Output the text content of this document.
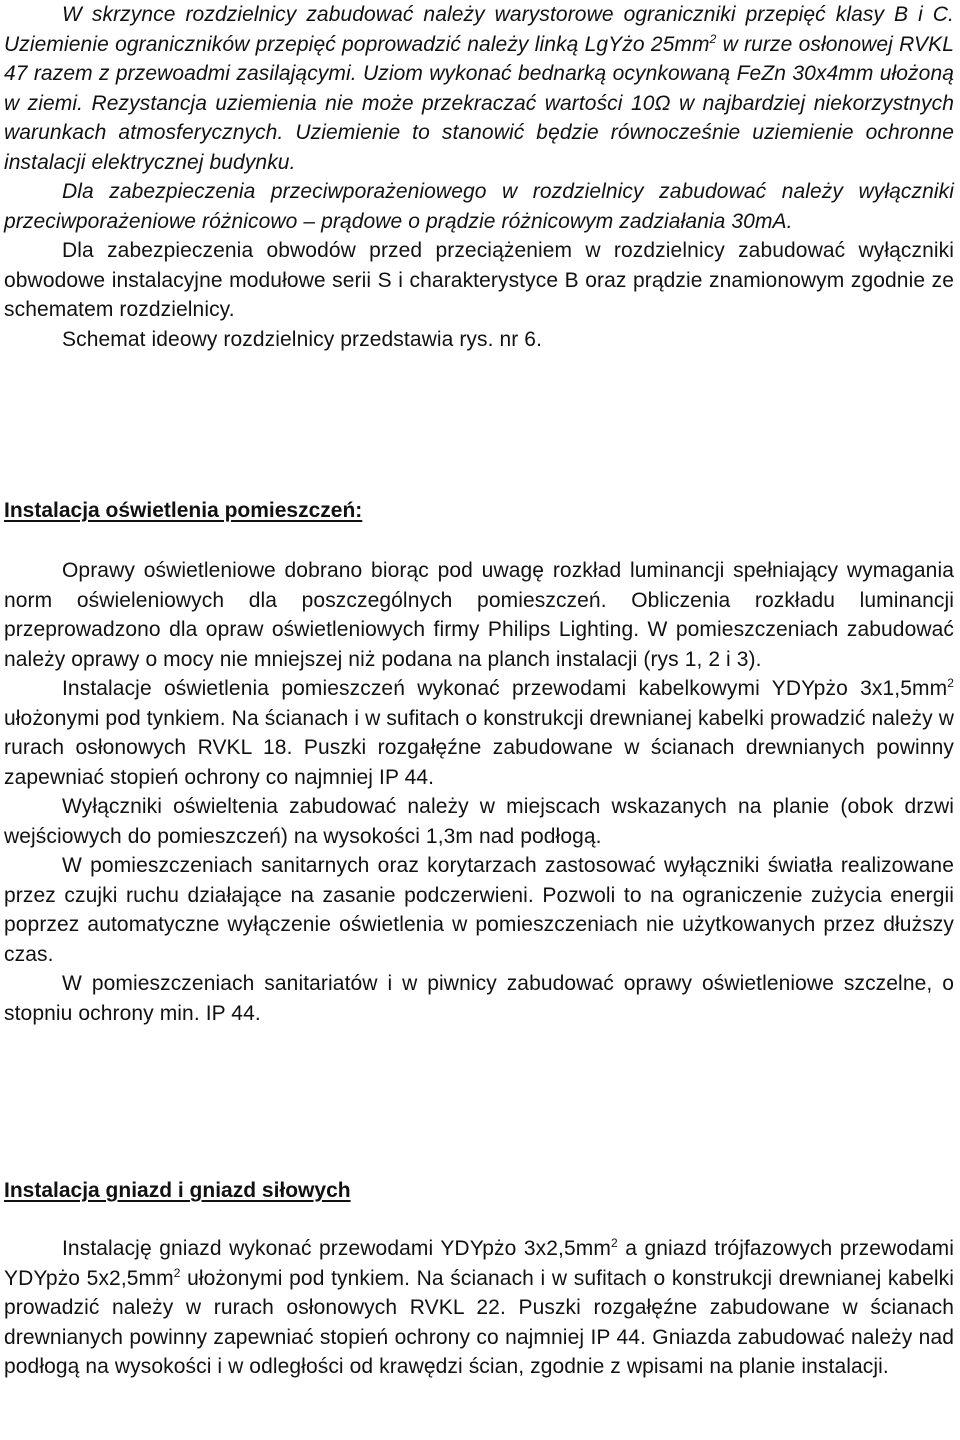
W skrzynce rozdzielnicy zabudować należy warystorowe ograniczniki przepięć klasy B i C. Uziemienie ograniczników przepięć poprowadzić należy linką LgYżo $25mm^2$ w rurze osłonowej RVKL 47 razem z przewoadmi zasilającymi. Uziom wykonać bednarką ocynkowaną FeZn 30x4mm ułożoną w ziemi. Rezystancja uziemienia nie może przekraczać wartości 10Ω w najbardziej niekorzystnych warunkach atmosferycznych. Uziemienie to stanowić będzie równocześnie uziemienie ochronne instalacji elektrycznej budynku.

Dla zabezpieczenia przeciwporażeniowego w rozdzielnicy zabudować należy wyłączniki przeciwporażeniowe różnicowo – prądowe o prądzie różnicowym zadziałania 30mA.

Dla zabezpieczenia obwodów przed przeciążeniem w rozdzielnicy zabudować wyłączniki obwodowe instalacyjne modułowe serii S i charakterystyce B oraz prądzie znamionowym zgodnie ze schematem rozdzielnicy.

Schemat ideowy rozdzielnicy przedstawia rys. nr 6.

Instalacja oświetlenia pomieszczeń:

Oprawy oświetleniowe dobrano biorąc pod uwagę rozkład luminancji spełniający wymagania norm oświeleniowych dla poszczególnych pomieszczeń. Obliczenia rozkładu luminancji przeprowadzono dla opraw oświetleniowych firmy Philips Lighting. W pomieszczeniach zabudować należy oprawy o mocy nie mniejszej niż podana na planch instalacji (rys 1, 2 i 3).

Instalacje oświetlenia pomieszczeń wykonać przewodami kabelkowymi YDYpżo $3x1,5mm^2$ ułożonymi pod tynkiem. Na ścianach i w sufitach o konstrukcji drewnianej kabelki prowadzić należy w rurach osłonowych RVKL 18. Puszki rozgałęźne zabudowane w ścianach drewnianych powinny zapewniać stopień ochrony co najmniej IP 44.

Wyłączniki oświeltenia zabudować należy w miejscach wskazanych na planie (obok drzwi wejściowych do pomieszczeń) na wysokości 1,3m nad podłogą.

W pomieszczeniach sanitarnych oraz korytarzach zastosować wyłączniki światła realizowane przez czujki ruchu działające na zasanie podczerwieni. Pozwoli to na ograniczenie zużycia energii poprzez automatyczne wyłączenie oświetlenia w pomieszczeniach nie użytkowanych przez dłuższy czas.

W pomieszczeniach sanitariatów i w piwnicy zabudować oprawy oświetleniowe szczelne, o stopniu ochrony min. IP 44.

Instalacja gniazd i gniazd siłowych

Instalację gniazd wykonać przewodami YDYpżo $3x2,5mm^2$ a gniazd trójfazowych przewodami YDYpżo $5x2,5mm^2$ ułożonymi pod tynkiem. Na ścianach i w sufitach o konstrukcji drewnianej kabelki prowadzić należy w rurach osłonowych RVKL 22. Puszki rozgałęźne zabudowane w ścianach drewnianych powinny zapewniać stopień ochrony co najmniej IP 44. Gniazda zabudować należy nad podłogą na wysokości i w odległości od krawędzi ścian, zgodnie z wpisami na planie instalacji.
